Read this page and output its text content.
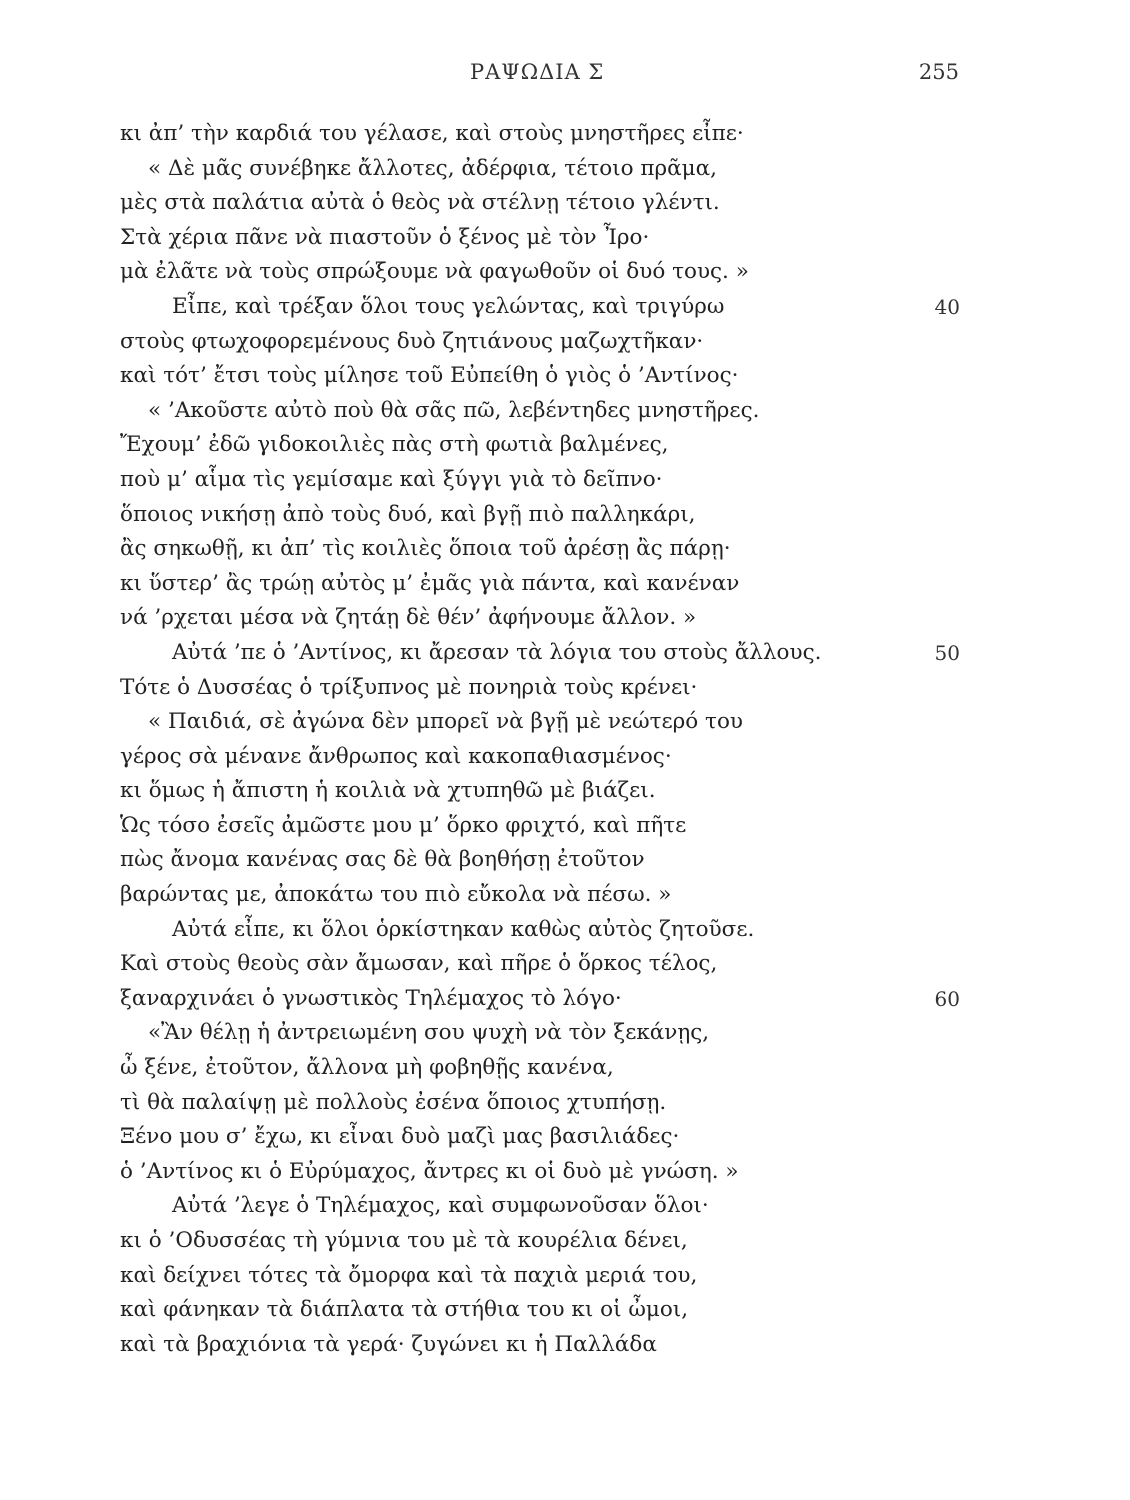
ΡΑΨΩΔΙΑ Σ	255
κι ἀπ’ τὴν καρδιά του γέλασε, καὶ στοὺς μνηστῆρες εἶπε·
« Δὲ μᾶς συνέβηκε ἄλλοτες, ἀδέρφια, τέτοιο πρᾶμα,
μὲς στὰ παλάτια αὐτὰ ὁ θεὸς νὰ στέλνῃ τέτοιο γλέντι.
Στὰ χέρια πᾶνε νὰ πιαστοῦν ὁ ξένος μὲ τὸν Ἶρο·
μὰ ἐλᾶτε νὰ τοὺς σπρώξουμε νὰ φαγωθοῦν οἱ δυό τους. »
Εἶπε, καὶ τρέξαν ὅλοι τους γελώντας, καὶ τριγύρω	40
στοὺς φτωχοφορεμένους δυὸ ζητιάνους μαζωχτῆκαν·
καὶ τότ’ ἔτσι τοὺς μίλησε τοῦ Εὐπείθη ὁ γιὸς ὁ ’Αντίνος·
« ’Ακοῦστε αὐτὸ ποὺ θὰ σᾶς πῶ, λεβέντηδες μνηστῆρες.
Ἔχουμ’ ἐδῶ γιδοκοιλιὲς πὰς στὴ φωτιὰ βαλμένες,
ποὺ μ’ αἷμα τὶς γεμίσαμε καὶ ξύγγι γιὰ τὸ δεῖπνο·
ὅποιος νικήσῃ ἀπὸ τοὺς δυό, καὶ βγῇ πιὸ παλληκάρι,
ἂς σηκωθῇ, κι ἀπ’ τὶς κοιλιὲς ὅποια τοῦ ἀρέσῃ ἂς πάρῃ·
κι ὕστερ’ ἂς τρώῃ αὐτὸς μ’ ἐμᾶς γιὰ πάντα, καὶ κανέναν
νά ’ρχεται μέσα νὰ ζητάῃ δὲ θέν’ ἀφήνουμε ἄλλον. »
Αὐτά ’πε ὁ ’Αντίνος, κι ἄρεσαν τὰ λόγια του στοὺς ἄλλους.	50
Τότε ὁ Δυσσέας ὁ τρίξυπνος μὲ πονηριὰ τοὺς κρένει·
« Παιδιά, σὲ ἀγώνα δὲν μπορεῖ νὰ βγῇ μὲ νεώτερό του
γέρος σὰ μένανε ἄνθρωπος καὶ κακοπαθιασμένος·
κι ὅμως ἡ ἄπιστη ἡ κοιλιὰ νὰ χτυπηθῶ μὲ βιάζει.
Ὡς τόσο ἐσεῖς ἀμῶστε μου μ’ ὅρκο φριχτό, καὶ πῆτε
πὼς ἄνομα κανένας σας δὲ θὰ βοηθήσῃ ἐτοῦτον
βαρώντας με, ἀποκάτω του πιὸ εὔκολα νὰ πέσω. »
Αὐτά εἶπε, κι ὅλοι ὁρκίστηκαν καθὼς αὐτὸς ζητοῦσε.
Καὶ στοὺς θεοὺς σὰν ἄμωσαν, καὶ πῆρε ὁ ὅρκος τέλος,
ξαναρχινάει ὁ γνωστικὸς Τηλέμαχος τὸ λόγο·	60
«Ἂν θέλῃ ἡ ἀντρειωμένη σου ψυχὴ νὰ τὸν ξεκάνῃς,
ὦ ξένε, ἐτοῦτον, ἄλλονα μὴ φοβηθῇς κανένα,
τὶ θὰ παλαίψῃ μὲ πολλοὺς ἐσένα ὅποιος χτυπήσῃ.
Ξένο μου σ’ ἔχω, κι εἶναι δυὸ μαζὶ μας βασιλιάδες·
ὁ ’Αντίνος κι ὁ Εὐρύμαχος, ἄντρες κι οἱ δυὸ μὲ γνώση. »
Αὐτά ’λεγε ὁ Τηλέμαχος, καὶ συμφωνοῦσαν ὅλοι·
κι ὁ ’Οδυσσέας τὴ γύμνια του μὲ τὰ κουρέλια δένει,
καὶ δείχνει τότες τὰ ὄμορφα καὶ τὰ παχιὰ μεριά του,
καὶ φάνηκαν τὰ διάπλατα τὰ στήθια του κι οἱ ὦμοι,
καὶ τὰ βραχιόνια τὰ γερά· ζυγώνει κι ἡ Παλλάδα
